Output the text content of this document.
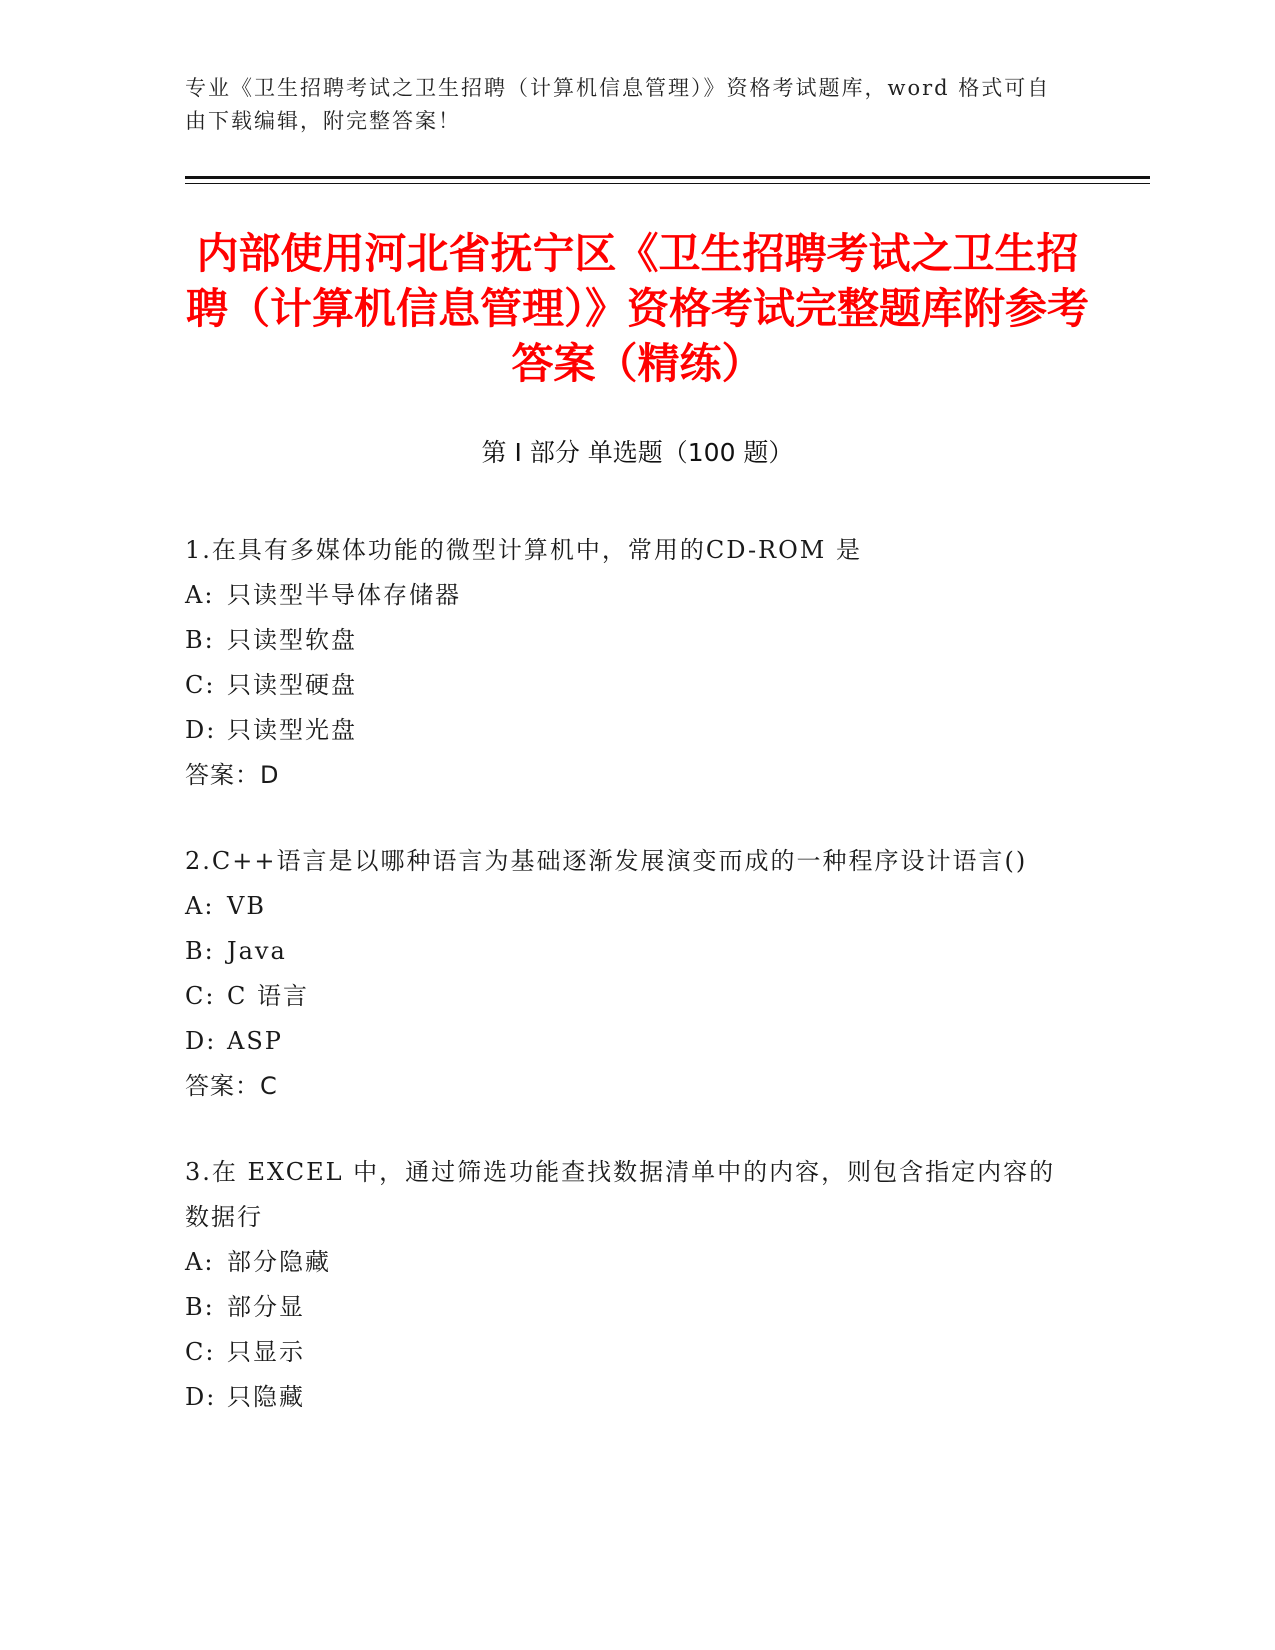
专业《卫生招聘考试之卫生招聘（计算机信息管理）》资格考试题库，word 格式可自由下载编辑，附完整答案！
内部使用河北省抚宁区《卫生招聘考试之卫生招聘（计算机信息管理）》资格考试完整题库附参考答案（精练）
第 I 部分 单选题（100 题）
1.在具有多媒体功能的微型计算机中，常用的CD-ROM 是
A: 只读型半导体存储器
B: 只读型软盘
C: 只读型硬盘
D: 只读型光盘
答案：D
2.C++语言是以哪种语言为基础逐渐发展演变而成的一种程序设计语言()
A: VB
B: Java
C: C 语言
D: ASP
答案：C
3.在 EXCEL 中，通过筛选功能查找数据清单中的内容，则包含指定内容的数据行
A: 部分隐藏
B: 部分显
C: 只显示
D: 只隐藏
